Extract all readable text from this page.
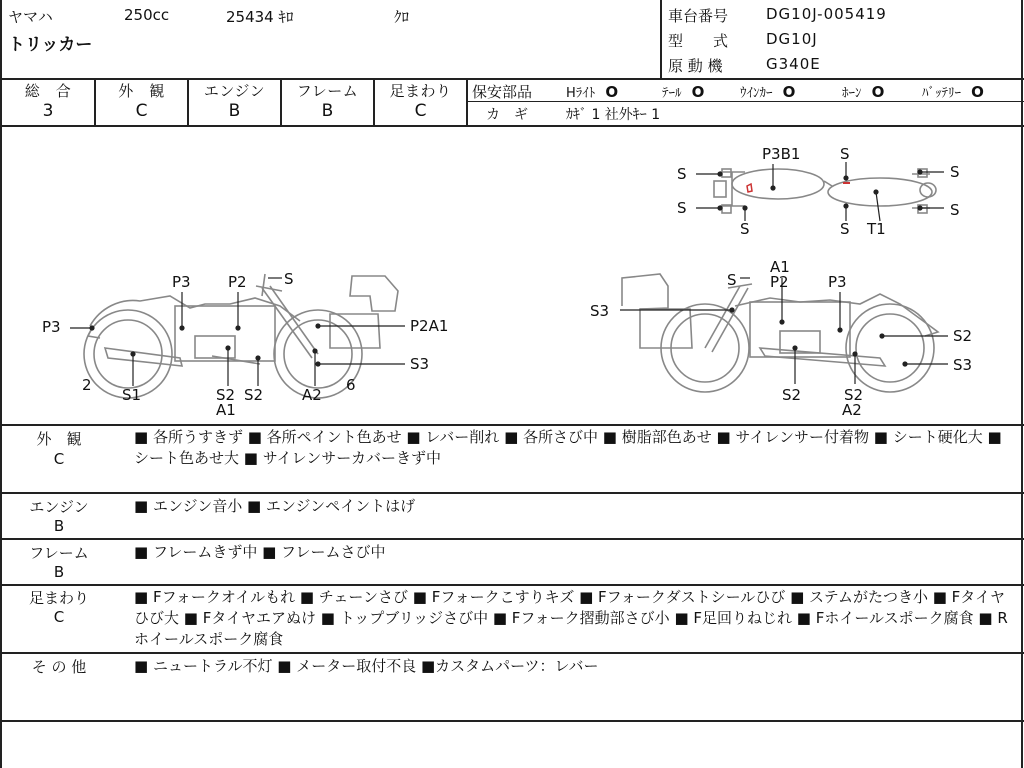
ヤマハ	250cc	25434 ｷﾛ	ｸﾛ
トリッカー
車台番号	DG10J-005419
型　　式	DG10J
原 動 機	G340E
総　合
3
外　観
C
エンジン
B
フレーム
B
足まわり
C
保安部品	Hﾗｲﾄ O	ﾃｰﾙ O	ｳｲﾝｶｰ O	ﾎｰﾝ O	ﾊﾞｯﾃﾘｰ O
カ　ギ	ｶｷﾞ 1 社外ｷｰ 1
P3B1	S
S
S
S	S T1
S
S
P3 P2 S
P3	P2A1
S3
2
S1	S2 S2
A1
A2
6
A1
S P2	P3
S3
S2
S3
S2	S2
A2
外　観
C
■ 各所うすきず ■ 各所ペイント色あせ ■ レバー削れ ■ 各所さび中 ■ 樹脂部色あせ ■ サイレンサー付着物 ■ シート硬化大 ■ シート色あせ大 ■ サイレンサーカバーきず中
エンジン
B
■ エンジン音小 ■ エンジンペイントはげ
フレーム
B
■ フレームきず中 ■ フレームさび中
足まわり
C
■ Fフォークオイルもれ ■ チェーンさび ■ Fフォークこすりキズ ■ Fフォークダストシールひび ■ ステムがたつき小 ■ Fタイヤひび大 ■ Fタイヤエアぬけ ■ トップブリッジさび中 ■ Fフォーク摺動部さび小 ■ F足回りねじれ ■ Fホイールスポーク腐食 ■ Rホイールスポーク腐食
そ の 他	■ ニュートラル不灯 ■ メーター取付不良 ■カスタムパーツ：レバー
